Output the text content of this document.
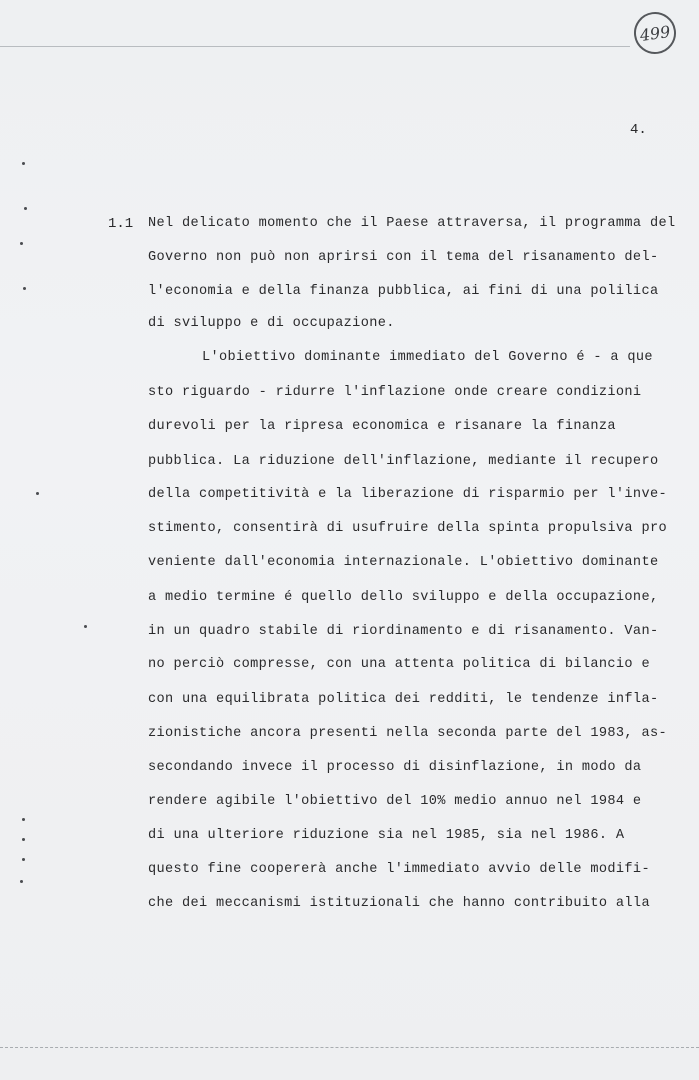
499
4.
1.1 Nel delicato momento che il Paese attraversa, il programma del
Governo non può non aprirsi con il tema del risanamento del-
l'economia e della finanza pubblica, ai fini di una polilica
di sviluppo e di occupazione.
L'obiettivo dominante immediato del Governo é - a que
sto riguardo - ridurre l'inflazione onde creare condizioni
durevoli per la ripresa economica e risanare la finanza
pubblica. La riduzione dell'inflazione, mediante il recupero
della competitività e la liberazione di risparmio per l'inve-
stimento, consentirà di usufruire della spinta propulsiva pro
veniente dall'economia internazionale. L'obiettivo dominante
a medio termine é quello dello sviluppo e della occupazione,
in un quadro stabile di riordinamento e di risanamento. Van-
no perciò compresse, con una attenta politica di bilancio e
con una equilibrata politica dei redditi, le tendenze infla-
zionistiche ancora presenti nella seconda parte del 1983, as-
secondando invece il processo di disinflazione, in modo da
rendere agibile l'obiettivo del 10% medio annuo nel 1984 e
di una ulteriore riduzione sia nel 1985, sia nel 1986. A
questo fine coopererà anche l'immediato avvio delle modifi-
che dei meccanismi istituzionali che hanno contribuito alla
